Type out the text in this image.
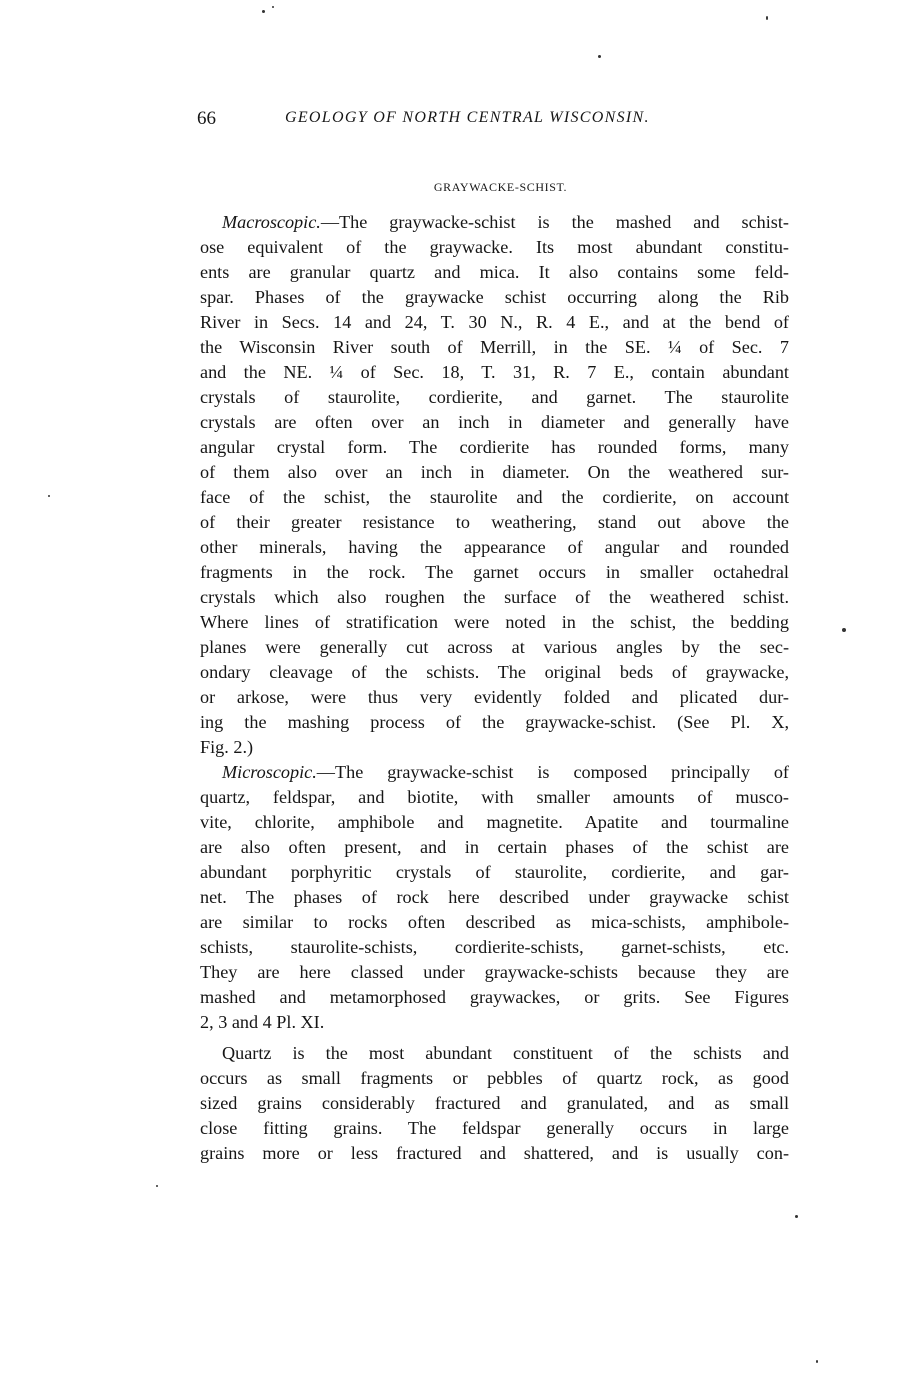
66	GEOLOGY OF NORTH CENTRAL WISCONSIN.
GRAYWACKE-SCHIST.
Macroscopic.—The graywacke-schist is the mashed and schist-
ose equivalent of the graywacke. Its most abundant constitu-
ents are granular quartz and mica. It also contains some feld-
spar. Phases of the graywacke schist occurring along the Rib
River in Secs. 14 and 24, T. 30 N., R. 4 E., and at the bend of
the Wisconsin River south of Merrill, in the SE. ¼ of Sec. 7
and the NE. ¼ of Sec. 18, T. 31, R. 7 E., contain abundant
crystals of staurolite, cordierite, and garnet. The staurolite
crystals are often over an inch in diameter and generally have
angular crystal form. The cordierite has rounded forms, many
of them also over an inch in diameter. On the weathered sur-
face of the schist, the staurolite and the cordierite, on account
of their greater resistance to weathering, stand out above the
other minerals, having the appearance of angular and rounded
fragments in the rock. The garnet occurs in smaller octahedral
crystals which also roughen the surface of the weathered schist.
Where lines of stratification were noted in the schist, the bedding
planes were generally cut across at various angles by the sec-
ondary cleavage of the schists. The original beds of graywacke,
or arkose, were thus very evidently folded and plicated dur-
ing the mashing process of the graywacke-schist. (See Pl. X,
Fig. 2.)
Microscopic.—The graywacke-schist is composed principally of
quartz, feldspar, and biotite, with smaller amounts of musco-
vite, chlorite, amphibole and magnetite. Apatite and tourmaline
are also often present, and in certain phases of the schist are
abundant porphyritic crystals of staurolite, cordierite, and gar-
net. The phases of rock here described under graywacke schist
are similar to rocks often described as mica-schists, amphibole-
schists, staurolite-schists, cordierite-schists, garnet-schists, etc.
They are here classed under graywacke-schists because they are
mashed and metamorphosed graywackes, or grits. See Figures
2, 3 and 4 Pl. XI.
Quartz is the most abundant constituent of the schists and
occurs as small fragments or pebbles of quartz rock, as good
sized grains considerably fractured and granulated, and as small
close fitting grains. The feldspar generally occurs in large
grains more or less fractured and shattered, and is usually con-
